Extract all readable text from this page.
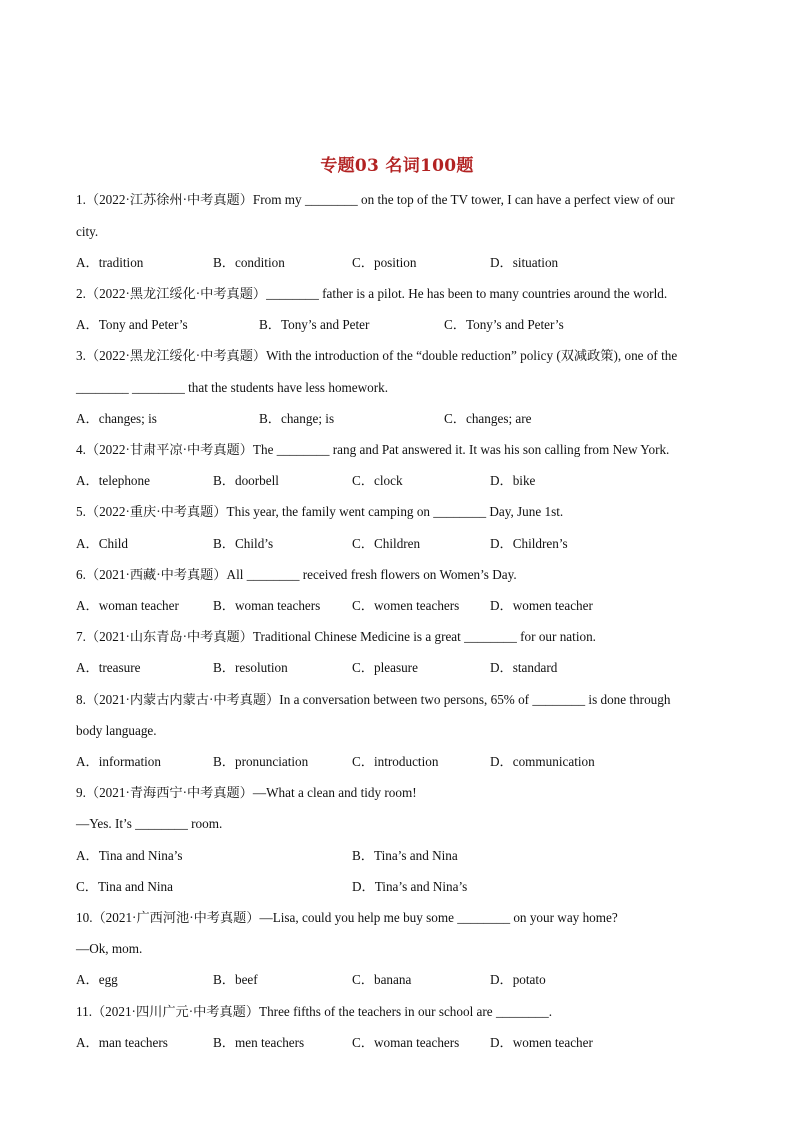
专题03 名词100题
1.（2022·江苏徐州·中考真题）From my ________ on the top of the TV tower, I can have a perfect view of our
city.
A．tradition	B．condition	C．position	D．situation
2.（2022·黑龙江绥化·中考真题）________ father is a pilot. He has been to many countries around the world.
A．Tony and Peter’s	B．Tony’s and Peter	C．Tony’s and Peter’s
3.（2022·黑龙江绥化·中考真题）With the introduction of the “double reduction” policy (双减政策), one of the
________ ________ that the students have less homework.
A．changes; is	B．change; is	C．changes; are
4.（2022·甘肃平凉·中考真题）The ________ rang and Pat answered it. It was his son calling from New York.
A．telephone	B．doorbell	C．clock	D．bike
5.（2022·重庆·中考真题）This year, the family went camping on ________ Day, June 1st.
A．Child	B．Child’s	C．Children	D．Children’s
6.（2021·西藏·中考真题）All ________ received fresh flowers on Women’s Day.
A．woman teacher	B．woman teachers C．women teachers D．women teacher
7.（2021·山东青岛·中考真题）Traditional Chinese Medicine is a great ________ for our nation.
A．treasure	B．resolution	C．pleasure	D．standard
8.（2021·内蒙古内蒙古·中考真题）In a conversation between two persons, 65% of ________ is done through
body language.
A．information	B．pronunciation	C．introduction	D．communication
9.（2021·青海西宁·中考真题）—What a clean and tidy room!
—Yes. It’s ________ room.
A．Tina and Nina’s	B．Tina’s and Nina
C．Tina and Nina	D．Tina’s and Nina’s
10.（2021·广西河池·中考真题）—Lisa, could you help me buy some ________ on your way home?
—Ok, mom.
A．egg	B．beef	C．banana	D．potato
11.（2021·四川广元·中考真题）Three fifths of the teachers in our school are ________.
A．man teachers	B．men teachers	C．woman teachers D．women teacher
